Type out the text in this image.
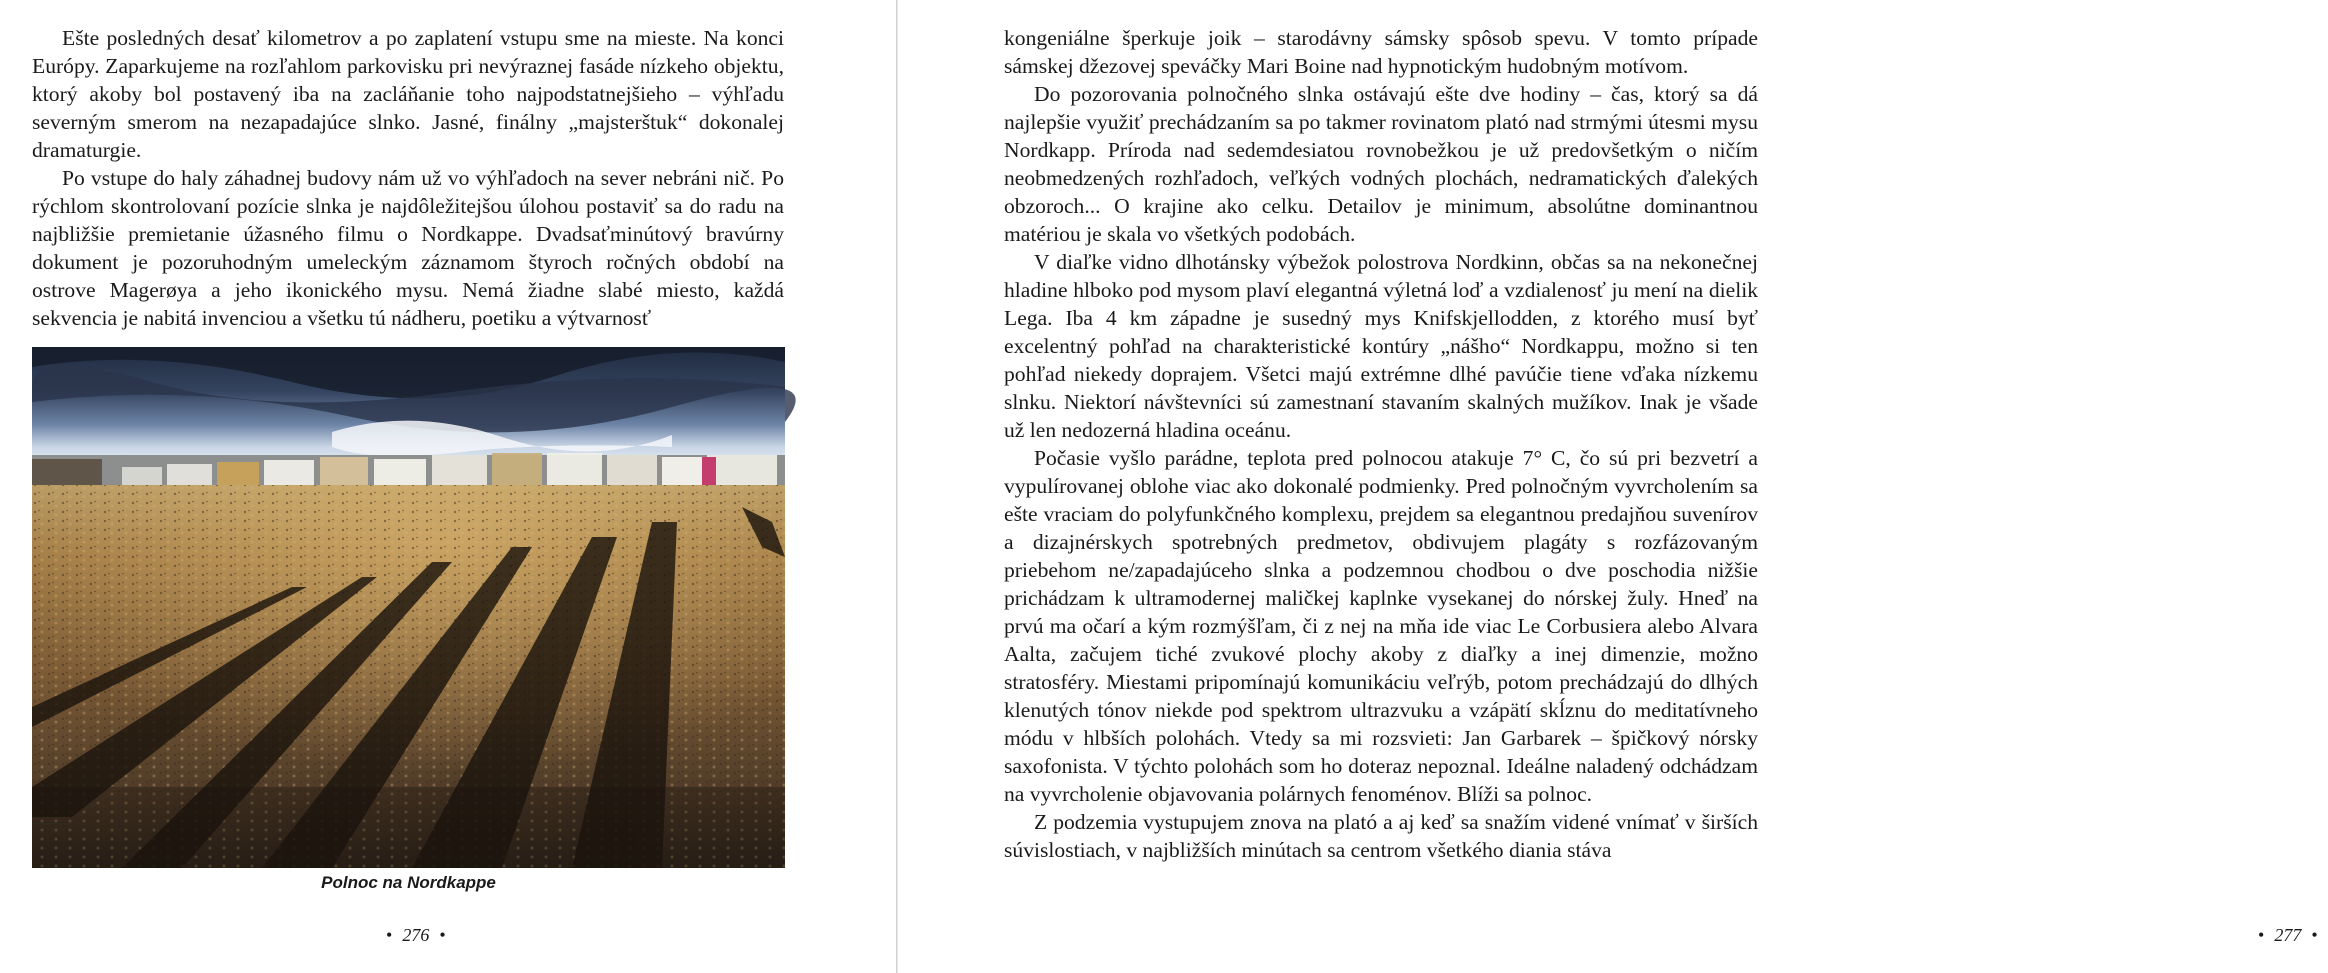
Ešte posledných desať kilometrov a po zaplatení vstupu sme na mieste. Na konci Európy. Zaparkujeme na rozľahlom parkovisku pri nevýraznej fasáde nízkeho objektu, ktorý akoby bol postavený iba na zacláňanie toho najpodstatnejšieho – výhľadu severným smerom na nezapadajúce slnko. Jasné, finálny „majsterštuk“ dokonalej dramaturgie.

Po vstupe do haly záhadnej budovy nám už vo výhľadoch na sever nebráni nič. Po rýchlom skontrolovaní pozície slnka je najdôležitejšou úlohou postaviť sa do radu na najbližšie premietanie úžasného filmu o Nordkappe. Dvadsaťminútový bravúrny dokument je pozoruhodným umeleckým záznamom štyroch ročných období na ostrove Magerøya a jeho ikonického mysu. Nemá žiadne slabé miesto, každá sekvencia je nabitá invenciou a všetku tú nádheru, poetiku a výtvarnosť

Polnoc na Nordkappe
• 276 •

kongeniálne šperkuje joik – starodávny sámsky spôsob spevu. V tomto prípade sámskej džezovej speváčky Mari Boine nad hypnotickým hudobným motívom.

Do pozorovania polnočného slnka ostávajú ešte dve hodiny – čas, ktorý sa dá najlepšie využiť prechádzaním sa po takmer rovinatom plató nad strmými útesmi mysu Nordkapp. Príroda nad sedemdesiatou rovnobežkou je už predovšetkým o ničím neobmedzených rozhľadoch, veľkých vodných plochách, nedramatických ďalekých obzoroch... O krajine ako celku. Detailov je minimum, absolútne dominantnou matériou je skala vo všetkých podobách.

V diaľke vidno dlhotánsky výbežok polostrova Nordkinn, občas sa na nekonečnej hladine hlboko pod mysom plaví elegantná výletná loď a vzdialenosť ju mení na dielik Lega. Iba 4 km západne je susedný mys Knifskjellodden, z ktorého musí byť excelentný pohľad na charakteristické kontúry „nášho“ Nordkappu, možno si ten pohľad niekedy doprajem. Všetci majú extrémne dlhé pavúčie tiene vďaka nízkemu slnku. Niektorí návštevníci sú zamestnaní stavaním skalných mužíkov. Inak je všade už len nedozerná hladina oceánu.

Počasie vyšlo parádne, teplota pred polnocou atakuje 7° C, čo sú pri bezvetrí a vypulírovanej oblohe viac ako dokonalé podmienky. Pred polnočným vyvrcholením sa ešte vraciam do polyfunkčného komplexu, prejdem sa elegantnou predajňou suvenírov a dizajnérskych spotrebných predmetov, obdivujem plagáty s rozfázovaným priebehom ne/zapadajúceho slnka a podzemnou chodbou o dve poschodia nižšie prichádzam k ultramodernej maličkej kaplnke vysekanej do nórskej žuly. Hneď na prvú ma očarí a kým rozmýšľam, či z nej na mňa ide viac Le Corbusiera alebo Alvara Aalta, začujem tiché zvukové plochy akoby z diaľky a inej dimenzie, možno stratosféry. Miestami pripomínajú komunikáciu veľrýb, potom prechádzajú do dlhých klenutých tónov niekde pod spektrom ultrazvuku a vzápätí skĺznu do meditatívneho módu v hlbších polohách. Vtedy sa mi rozsvieti: Jan Garbarek – špičkový nórsky saxofonista. V týchto polohách som ho doteraz nepoznal. Ideálne naladený odchádzam na vyvrcholenie objavovania polárnych fenoménov. Blíži sa polnoc.

Z podzemia vystupujem znova na plató a aj keď sa snažím videné vnímať v širších súvislostiach, v najbližších minútach sa centrom všetkého diania stáva

• 277 •
